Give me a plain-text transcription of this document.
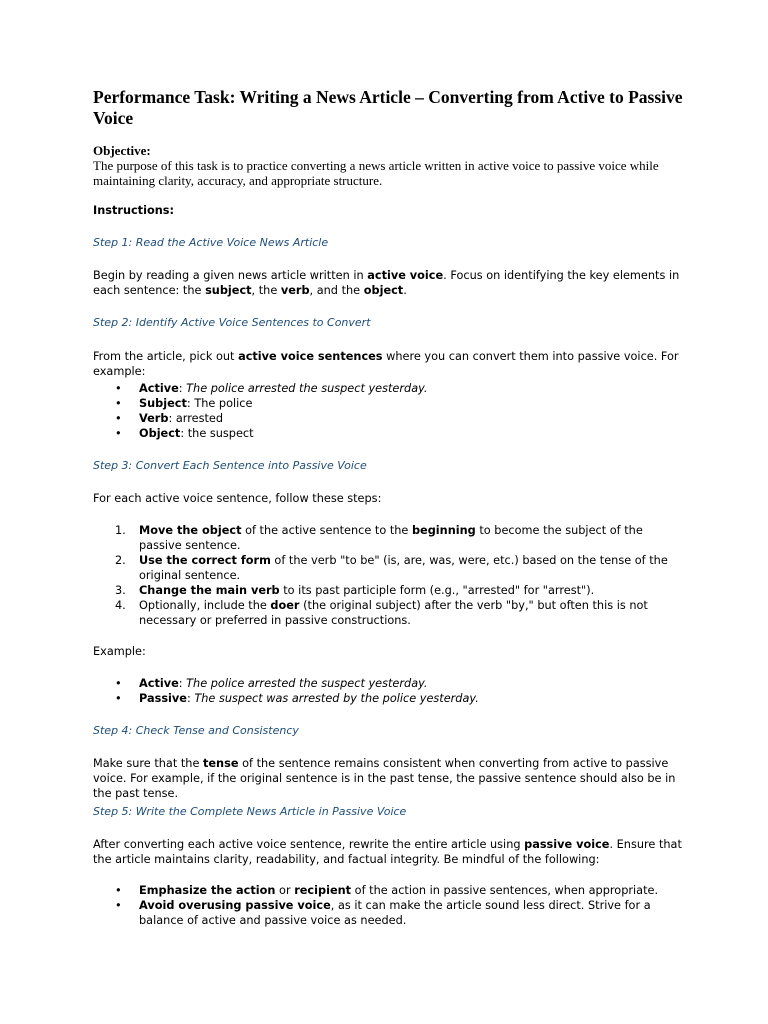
Performance Task: Writing a News Article – Converting from Active to Passive Voice
Objective:
The purpose of this task is to practice converting a news article written in active voice to passive voice while maintaining clarity, accuracy, and appropriate structure.
Instructions:
Step 1: Read the Active Voice News Article

Begin by reading a given news article written in active voice. Focus on identifying the key elements in each sentence: the subject, the verb, and the object.

Step 2: Identify Active Voice Sentences to Convert

From the article, pick out active voice sentences where you can convert them into passive voice. For example:

• Active: The police arrested the suspect yesterday.
• Subject: The police
• Verb: arrested
• Object: the suspect
Step 3: Convert Each Sentence into Passive Voice

For each active voice sentence, follow these steps:

1. Move the object of the active sentence to the beginning to become the subject of the passive sentence.
2. Use the correct form of the verb "to be" (is, are, was, were, etc.) based on the tense of the original sentence.
3. Change the main verb to its past participle form (e.g., "arrested" for "arrest").
4. Optionally, include the doer (the original subject) after the verb "by," but often this is not necessary or preferred in passive constructions.
Example:
• Active: The police arrested the suspect yesterday.
• Passive: The suspect was arrested by the police yesterday.
Step 4: Check Tense and Consistency

Make sure that the tense of the sentence remains consistent when converting from active to passive voice. For example, if the original sentence is in the past tense, the passive sentence should also be in the past tense.

Step 5: Write the Complete News Article in Passive Voice

After converting each active voice sentence, rewrite the entire article using passive voice. Ensure that the article maintains clarity, readability, and factual integrity. Be mindful of the following:

• Emphasize the action or recipient of the action in passive sentences, when appropriate.
• Avoid overusing passive voice, as it can make the article sound less direct. Strive for a balance of active and passive voice as needed.
